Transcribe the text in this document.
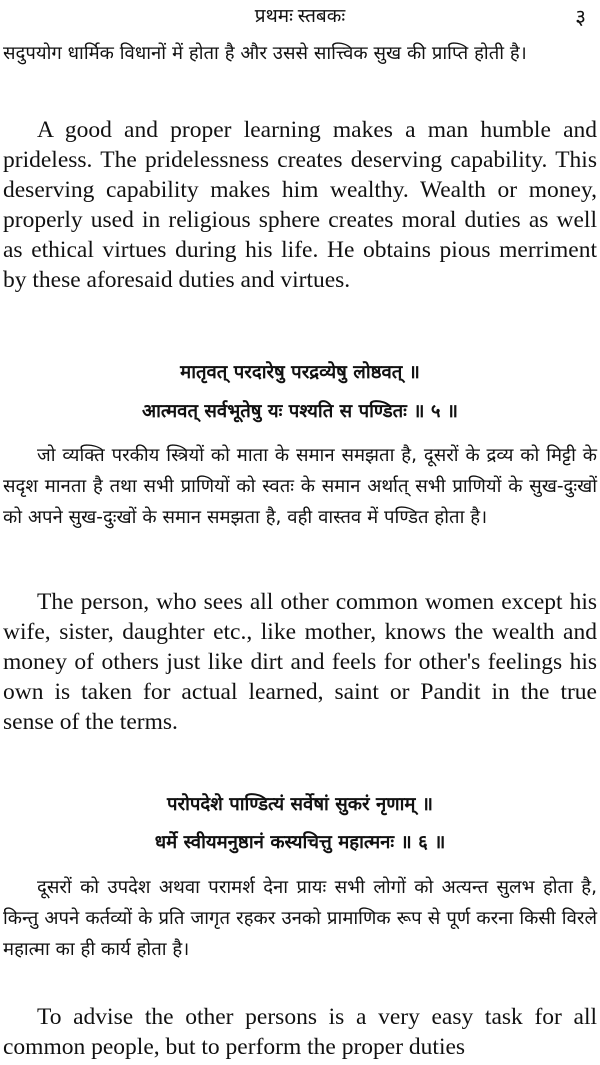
प्रथमः स्तबकः	३

सदुपयोग धार्मिक विधानों में होता है और उससे सात्त्विक सुख की प्राप्ति होती है।

A good and proper learning makes a man humble and prideless. The pridelessness creates deserving capability. This deserving capability makes him wealthy. Wealth or money, properly used in religious sphere creates moral duties as well as ethical virtues during his life. He obtains pious merriment by these aforesaid duties and virtues.

मातृवत् परदारेषु परद्रव्येषु लोष्ठवत् ॥

आत्मवत् सर्वभूतेषु यः पश्यति स पण्डितः ॥ ५ ॥

जो व्यक्ति परकीय स्त्रियों को माता के समान समझता है, दूसरों के द्रव्य को मिट्टी के सदृश मानता है तथा सभी प्राणियों को स्वतः के समान अर्थात् सभी प्राणियों के सुख-दुःखों को अपने सुख-दुःखों के समान समझता है, वही वास्तव में पण्डित होता है।

The person, who sees all other common women except his wife, sister, daughter etc., like mother, knows the wealth and money of others just like dirt and feels for other's feelings his own is taken for actual learned, saint or Pandit in the true sense of the terms.

परोपदेशे पाण्डित्यं सर्वेषां सुकरं नृणाम् ॥

धर्मे स्वीयमनुष्ठानं कस्यचित्तु महात्मनः ॥ ६ ॥

दूसरों को उपदेश अथवा परामर्श देना प्रायः सभी लोगों को अत्यन्त सुलभ होता है, किन्तु अपने कर्तव्यों के प्रति जागृत रहकर उनको प्रामाणिक रूप से पूर्ण करना किसी विरले महात्मा का ही कार्य होता है।

To advise the other persons is a very easy task for all common people, but to perform the proper duties
